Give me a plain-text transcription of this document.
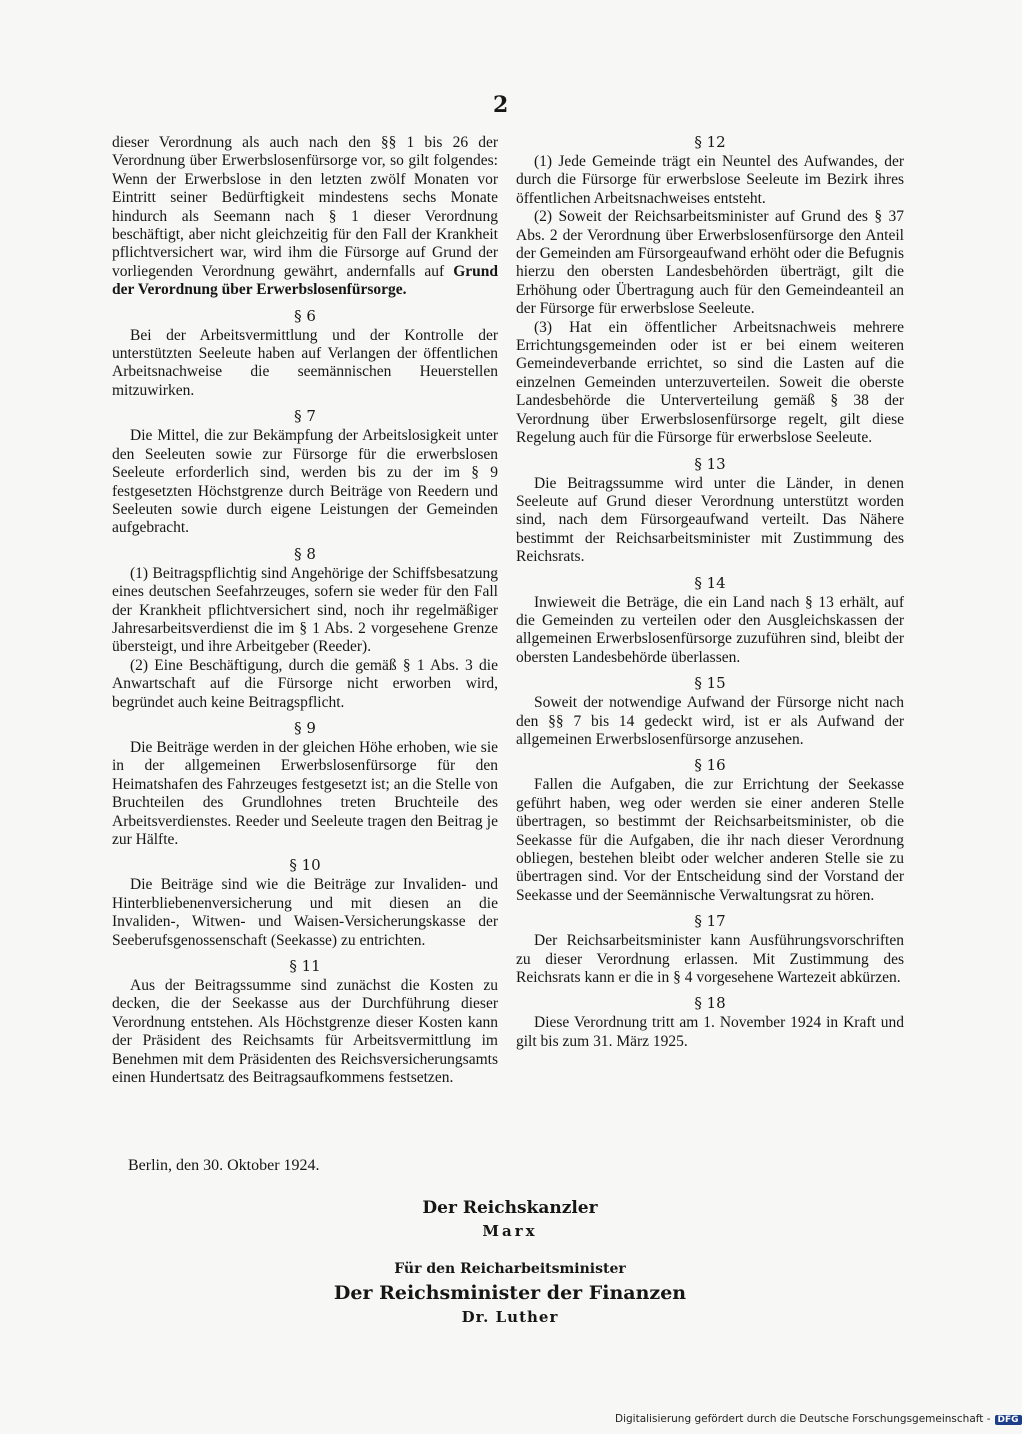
2
dieser Verordnung als auch nach den §§ 1 bis 26 der Verordnung über Erwerbslosenfürsorge vor, so gilt folgendes: Wenn der Erwerbslose in den letzten zwölf Monaten vor Eintritt seiner Bedürftigkeit mindestens sechs Monate hindurch als Seemann nach § 1 dieser Verordnung beschäftigt, aber nicht gleichzeitig für den Fall der Krankheit pflichtversichert war, wird ihm die Fürsorge auf Grund der vorliegenden Verordnung gewährt, andernfalls auf Grund der Verordnung über Erwerbslosenfürsorge.
§ 6
Bei der Arbeitsvermittlung und der Kontrolle der unterstützten Seeleute haben auf Verlangen der öffentlichen Arbeitsnachweise die seemännischen Heuerstellen mitzuwirken.
§ 7
Die Mittel, die zur Bekämpfung der Arbeitslosigkeit unter den Seeleuten sowie zur Fürsorge für die erwerbslosen Seeleute erforderlich sind, werden bis zu der im § 9 festgesetzten Höchstgrenze durch Beiträge von Reedern und Seeleuten sowie durch eigene Leistungen der Gemeinden aufgebracht.
§ 8
(1) Beitragspflichtig sind Angehörige der Schiffsbesatzung eines deutschen Seefahrzeuges, sofern sie weder für den Fall der Krankheit pflichtversichert sind, noch ihr regelmäßiger Jahresarbeitsverdienst die im § 1 Abs. 2 vorgesehene Grenze übersteigt, und ihre Arbeitgeber (Reeder).
(2) Eine Beschäftigung, durch die gemäß § 1 Abs. 3 die Anwartschaft auf die Fürsorge nicht erworben wird, begründet auch keine Beitragspflicht.
§ 9
Die Beiträge werden in der gleichen Höhe erhoben, wie sie in der allgemeinen Erwerbslosenfürsorge für den Heimatshafen des Fahrzeuges festgesetzt ist; an die Stelle von Bruchteilen des Grundlohnes treten Bruchteile des Arbeitsverdienstes. Reeder und Seeleute tragen den Beitrag je zur Hälfte.
§ 10
Die Beiträge sind wie die Beiträge zur Invaliden- und Hinterbliebenenversicherung und mit diesen an die Invaliden-, Witwen- und Waisen-Versicherungskasse der Seeberufsgenossenschaft (Seekasse) zu entrichten.
§ 11
Aus der Beitragssumme sind zunächst die Kosten zu decken, die der Seekasse aus der Durchführung dieser Verordnung entstehen. Als Höchstgrenze dieser Kosten kann der Präsident des Reichsamts für Arbeitsvermittlung im Benehmen mit dem Präsidenten des Reichsversicherungsamts einen Hundertsatz des Beitragsaufkommens festsetzen.
§ 12
(1) Jede Gemeinde trägt ein Neuntel des Aufwandes, der durch die Fürsorge für erwerbslose Seeleute im Bezirk ihres öffentlichen Arbeitsnachweises entsteht.
(2) Soweit der Reichsarbeitsminister auf Grund des § 37 Abs. 2 der Verordnung über Erwerbslosenfürsorge den Anteil der Gemeinden am Fürsorgeaufwand erhöht oder die Befugnis hierzu den obersten Landesbehörden überträgt, gilt die Erhöhung oder Übertragung auch für den Gemeindeanteil an der Fürsorge für erwerbslose Seeleute.
(3) Hat ein öffentlicher Arbeitsnachweis mehrere Errichtungsgemeinden oder ist er bei einem weiteren Gemeindeverbande errichtet, so sind die Lasten auf die einzelnen Gemeinden unterzuverteilen. Soweit die oberste Landesbehörde die Unterverteilung gemäß § 38 der Verordnung über Erwerbslosenfürsorge regelt, gilt diese Regelung auch für die Fürsorge für erwerbslose Seeleute.
§ 13
Die Beitragssumme wird unter die Länder, in denen Seeleute auf Grund dieser Verordnung unterstützt worden sind, nach dem Fürsorgeaufwand verteilt. Das Nähere bestimmt der Reichsarbeitsminister mit Zustimmung des Reichsrats.
§ 14
Inwieweit die Beträge, die ein Land nach § 13 erhält, auf die Gemeinden zu verteilen oder den Ausgleichskassen der allgemeinen Erwerbslosenfürsorge zuzuführen sind, bleibt der obersten Landesbehörde überlassen.
§ 15
Soweit der notwendige Aufwand der Fürsorge nicht nach den §§ 7 bis 14 gedeckt wird, ist er als Aufwand der allgemeinen Erwerbslosenfürsorge anzusehen.
§ 16
Fallen die Aufgaben, die zur Errichtung der Seekasse geführt haben, weg oder werden sie einer anderen Stelle übertragen, so bestimmt der Reichsarbeitsminister, ob die Seekasse für die Aufgaben, die ihr nach dieser Verordnung obliegen, bestehen bleibt oder welcher anderen Stelle sie zu übertragen sind. Vor der Entscheidung sind der Vorstand der Seekasse und der Seemännische Verwaltungsrat zu hören.
§ 17
Der Reichsarbeitsminister kann Ausführungsvorschriften zu dieser Verordnung erlassen. Mit Zustimmung des Reichsrats kann er die in § 4 vorgesehene Wartezeit abkürzen.
§ 18
Diese Verordnung tritt am 1. November 1924 in Kraft und gilt bis zum 31. März 1925.
Berlin, den 30. Oktober 1924.
Der Reichskanzler
Marx
Für den Reicharbeitsminister
Der Reichsminister der Finanzen
Dr. Luther
Digitalisierung gefördert durch die Deutsche Forschungsgemeinschaft - DFG
